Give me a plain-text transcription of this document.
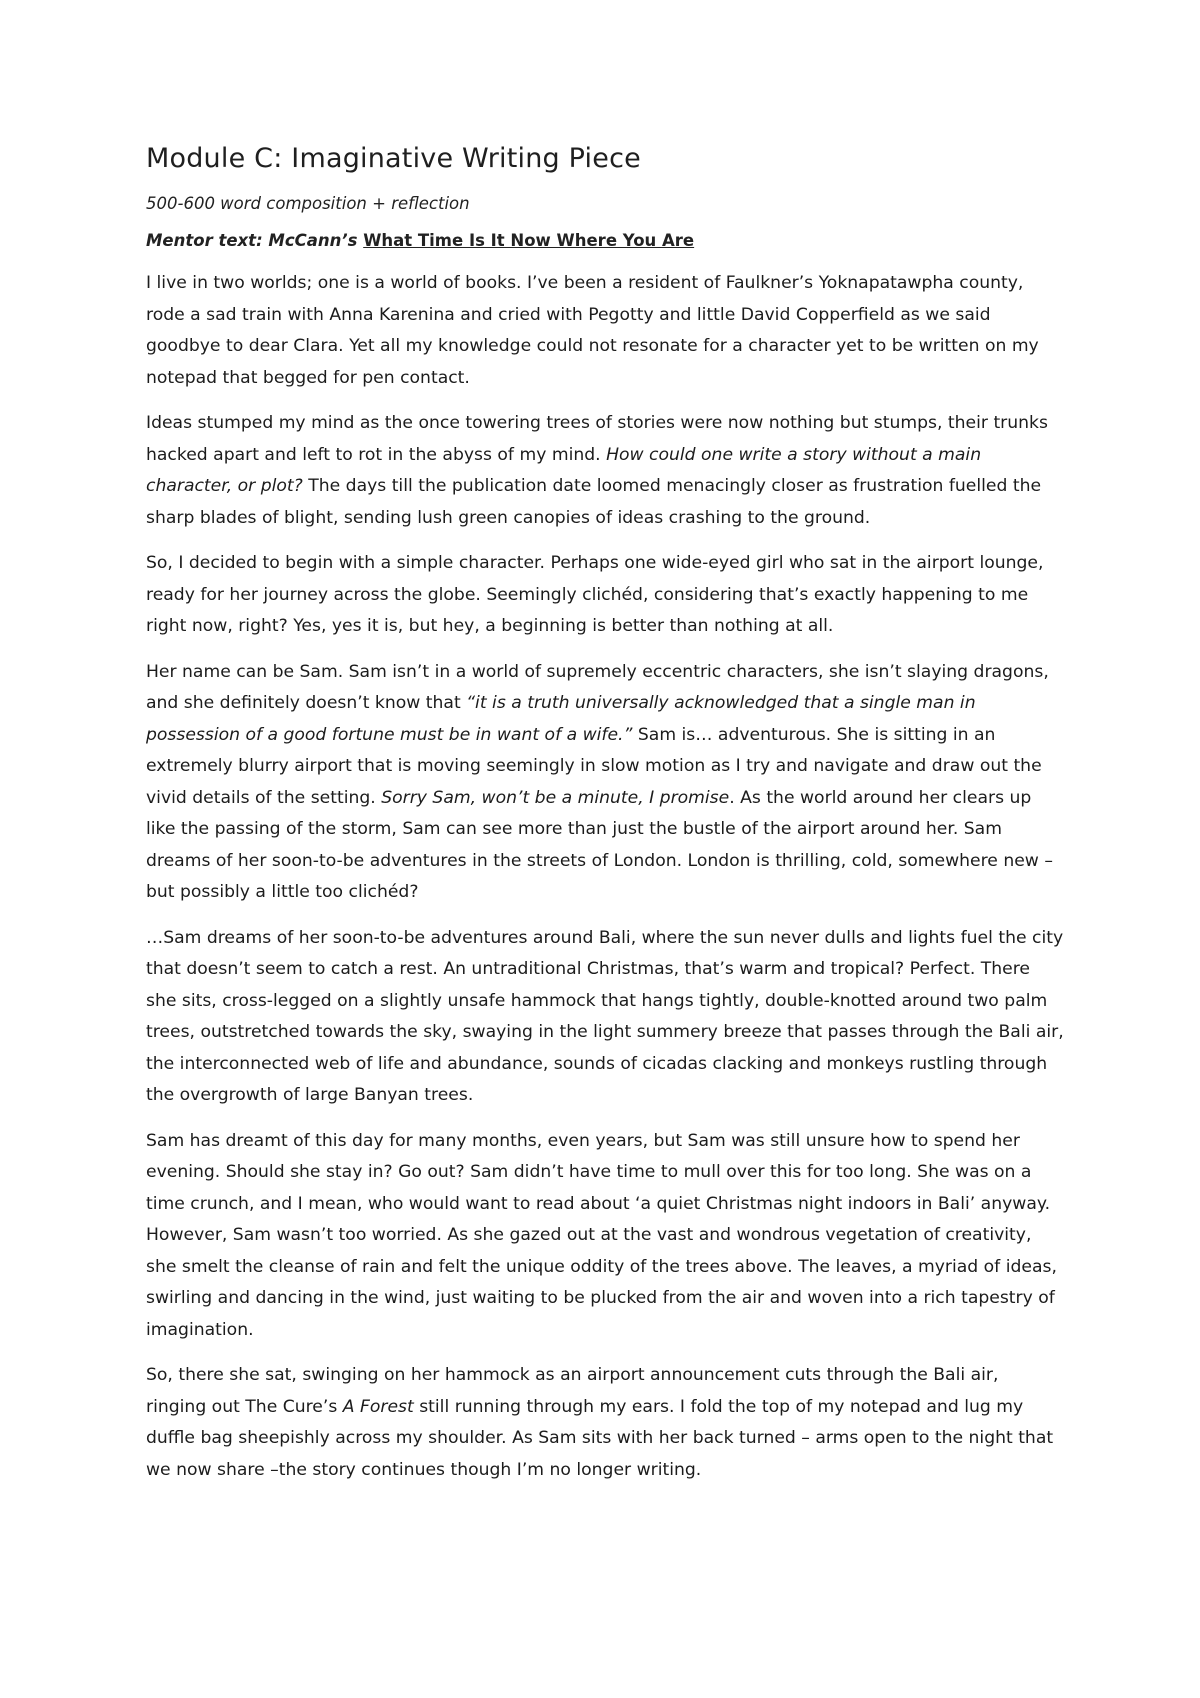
Module C: Imaginative Writing Piece

500-600 word composition + reflection

Mentor text: McCann’s What Time Is It Now Where You Are

I live in two worlds; one is a world of books. I’ve been a resident of Faulkner’s Yoknapatawpha county, rode a sad train with Anna Karenina and cried with Pegotty and little David Copperfield as we said goodbye to dear Clara. Yet all my knowledge could not resonate for a character yet to be written on my notepad that begged for pen contact.

Ideas stumped my mind as the once towering trees of stories were now nothing but stumps, their trunks hacked apart and left to rot in the abyss of my mind. How could one write a story without a main character, or plot? The days till the publication date loomed menacingly closer as frustration fuelled the sharp blades of blight, sending lush green canopies of ideas crashing to the ground.

So, I decided to begin with a simple character. Perhaps one wide-eyed girl who sat in the airport lounge, ready for her journey across the globe. Seemingly clichéd, considering that’s exactly happening to me right now, right? Yes, yes it is, but hey, a beginning is better than nothing at all.

Her name can be Sam. Sam isn’t in a world of supremely eccentric characters, she isn’t slaying dragons, and she definitely doesn’t know that “it is a truth universally acknowledged that a single man in possession of a good fortune must be in want of a wife.” Sam is… adventurous. She is sitting in an extremely blurry airport that is moving seemingly in slow motion as I try and navigate and draw out the vivid details of the setting. Sorry Sam, won’t be a minute, I promise. As the world around her clears up like the passing of the storm, Sam can see more than just the bustle of the airport around her. Sam dreams of her soon-to-be adventures in the streets of London. London is thrilling, cold, somewhere new – but possibly a little too clichéd?

…Sam dreams of her soon-to-be adventures around Bali, where the sun never dulls and lights fuel the city that doesn’t seem to catch a rest. An untraditional Christmas, that’s warm and tropical? Perfect. There she sits, cross-legged on a slightly unsafe hammock that hangs tightly, double-knotted around two palm trees, outstretched towards the sky, swaying in the light summery breeze that passes through the Bali air, the interconnected web of life and abundance, sounds of cicadas clacking and monkeys rustling through the overgrowth of large Banyan trees.

Sam has dreamt of this day for many months, even years, but Sam was still unsure how to spend her evening. Should she stay in? Go out? Sam didn’t have time to mull over this for too long. She was on a time crunch, and I mean, who would want to read about ‘a quiet Christmas night indoors in Bali’ anyway. However, Sam wasn’t too worried. As she gazed out at the vast and wondrous vegetation of creativity, she smelt the cleanse of rain and felt the unique oddity of the trees above. The leaves, a myriad of ideas, swirling and dancing in the wind, just waiting to be plucked from the air and woven into a rich tapestry of imagination.

So, there she sat, swinging on her hammock as an airport announcement cuts through the Bali air, ringing out The Cure’s A Forest still running through my ears. I fold the top of my notepad and lug my duffle bag sheepishly across my shoulder. As Sam sits with her back turned – arms open to the night that we now share –the story continues though I’m no longer writing.
